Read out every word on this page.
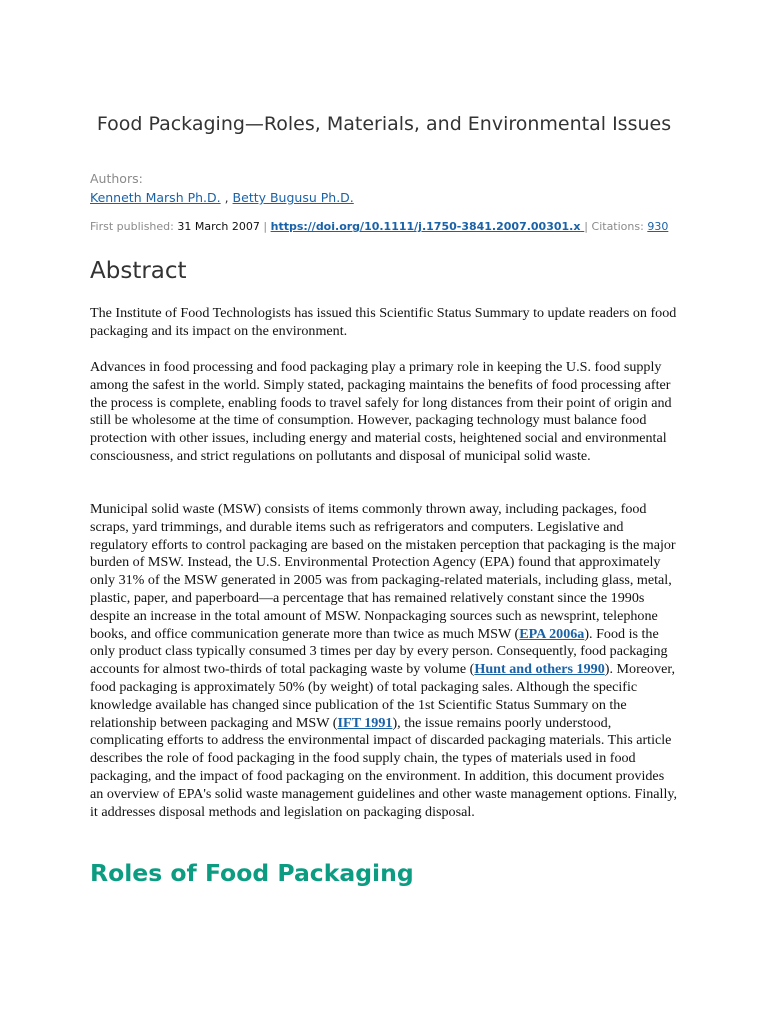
Food Packaging—Roles, Materials, and Environmental Issues
Authors:
Kenneth Marsh Ph.D. , Betty Bugusu Ph.D.
First published: 31 March 2007 | https://doi.org/10.1111/j.1750-3841.2007.00301.x | Citations: 930
Abstract

The Institute of Food Technologists has issued this Scientific Status Summary to update readers on food packaging and its impact on the environment.

Advances in food processing and food packaging play a primary role in keeping the U.S. food supply among the safest in the world. Simply stated, packaging maintains the benefits of food processing after the process is complete, enabling foods to travel safely for long distances from their point of origin and still be wholesome at the time of consumption. However, packaging technology must balance food protection with other issues, including energy and material costs, heightened social and environmental consciousness, and strict regulations on pollutants and disposal of municipal solid waste.

Municipal solid waste (MSW) consists of items commonly thrown away, including packages, food scraps, yard trimmings, and durable items such as refrigerators and computers. Legislative and regulatory efforts to control packaging are based on the mistaken perception that packaging is the major burden of MSW. Instead, the U.S. Environmental Protection Agency (EPA) found that approximately only 31% of the MSW generated in 2005 was from packaging-related materials, including glass, metal, plastic, paper, and paperboard—a percentage that has remained relatively constant since the 1990s despite an increase in the total amount of MSW. Nonpackaging sources such as newsprint, telephone books, and office communication generate more than twice as much MSW (EPA 2006a). Food is the only product class typically consumed 3 times per day by every person. Consequently, food packaging accounts for almost two-thirds of total packaging waste by volume (Hunt and others 1990). Moreover, food packaging is approximately 50% (by weight) of total packaging sales. Although the specific knowledge available has changed since publication of the 1st Scientific Status Summary on the relationship between packaging and MSW (IFT 1991), the issue remains poorly understood, complicating efforts to address the environmental impact of discarded packaging materials. This article describes the role of food packaging in the food supply chain, the types of materials used in food packaging, and the impact of food packaging on the environment. In addition, this document provides an overview of EPA's solid waste management guidelines and other waste management options. Finally, it addresses disposal methods and legislation on packaging disposal.

Roles of Food Packaging
